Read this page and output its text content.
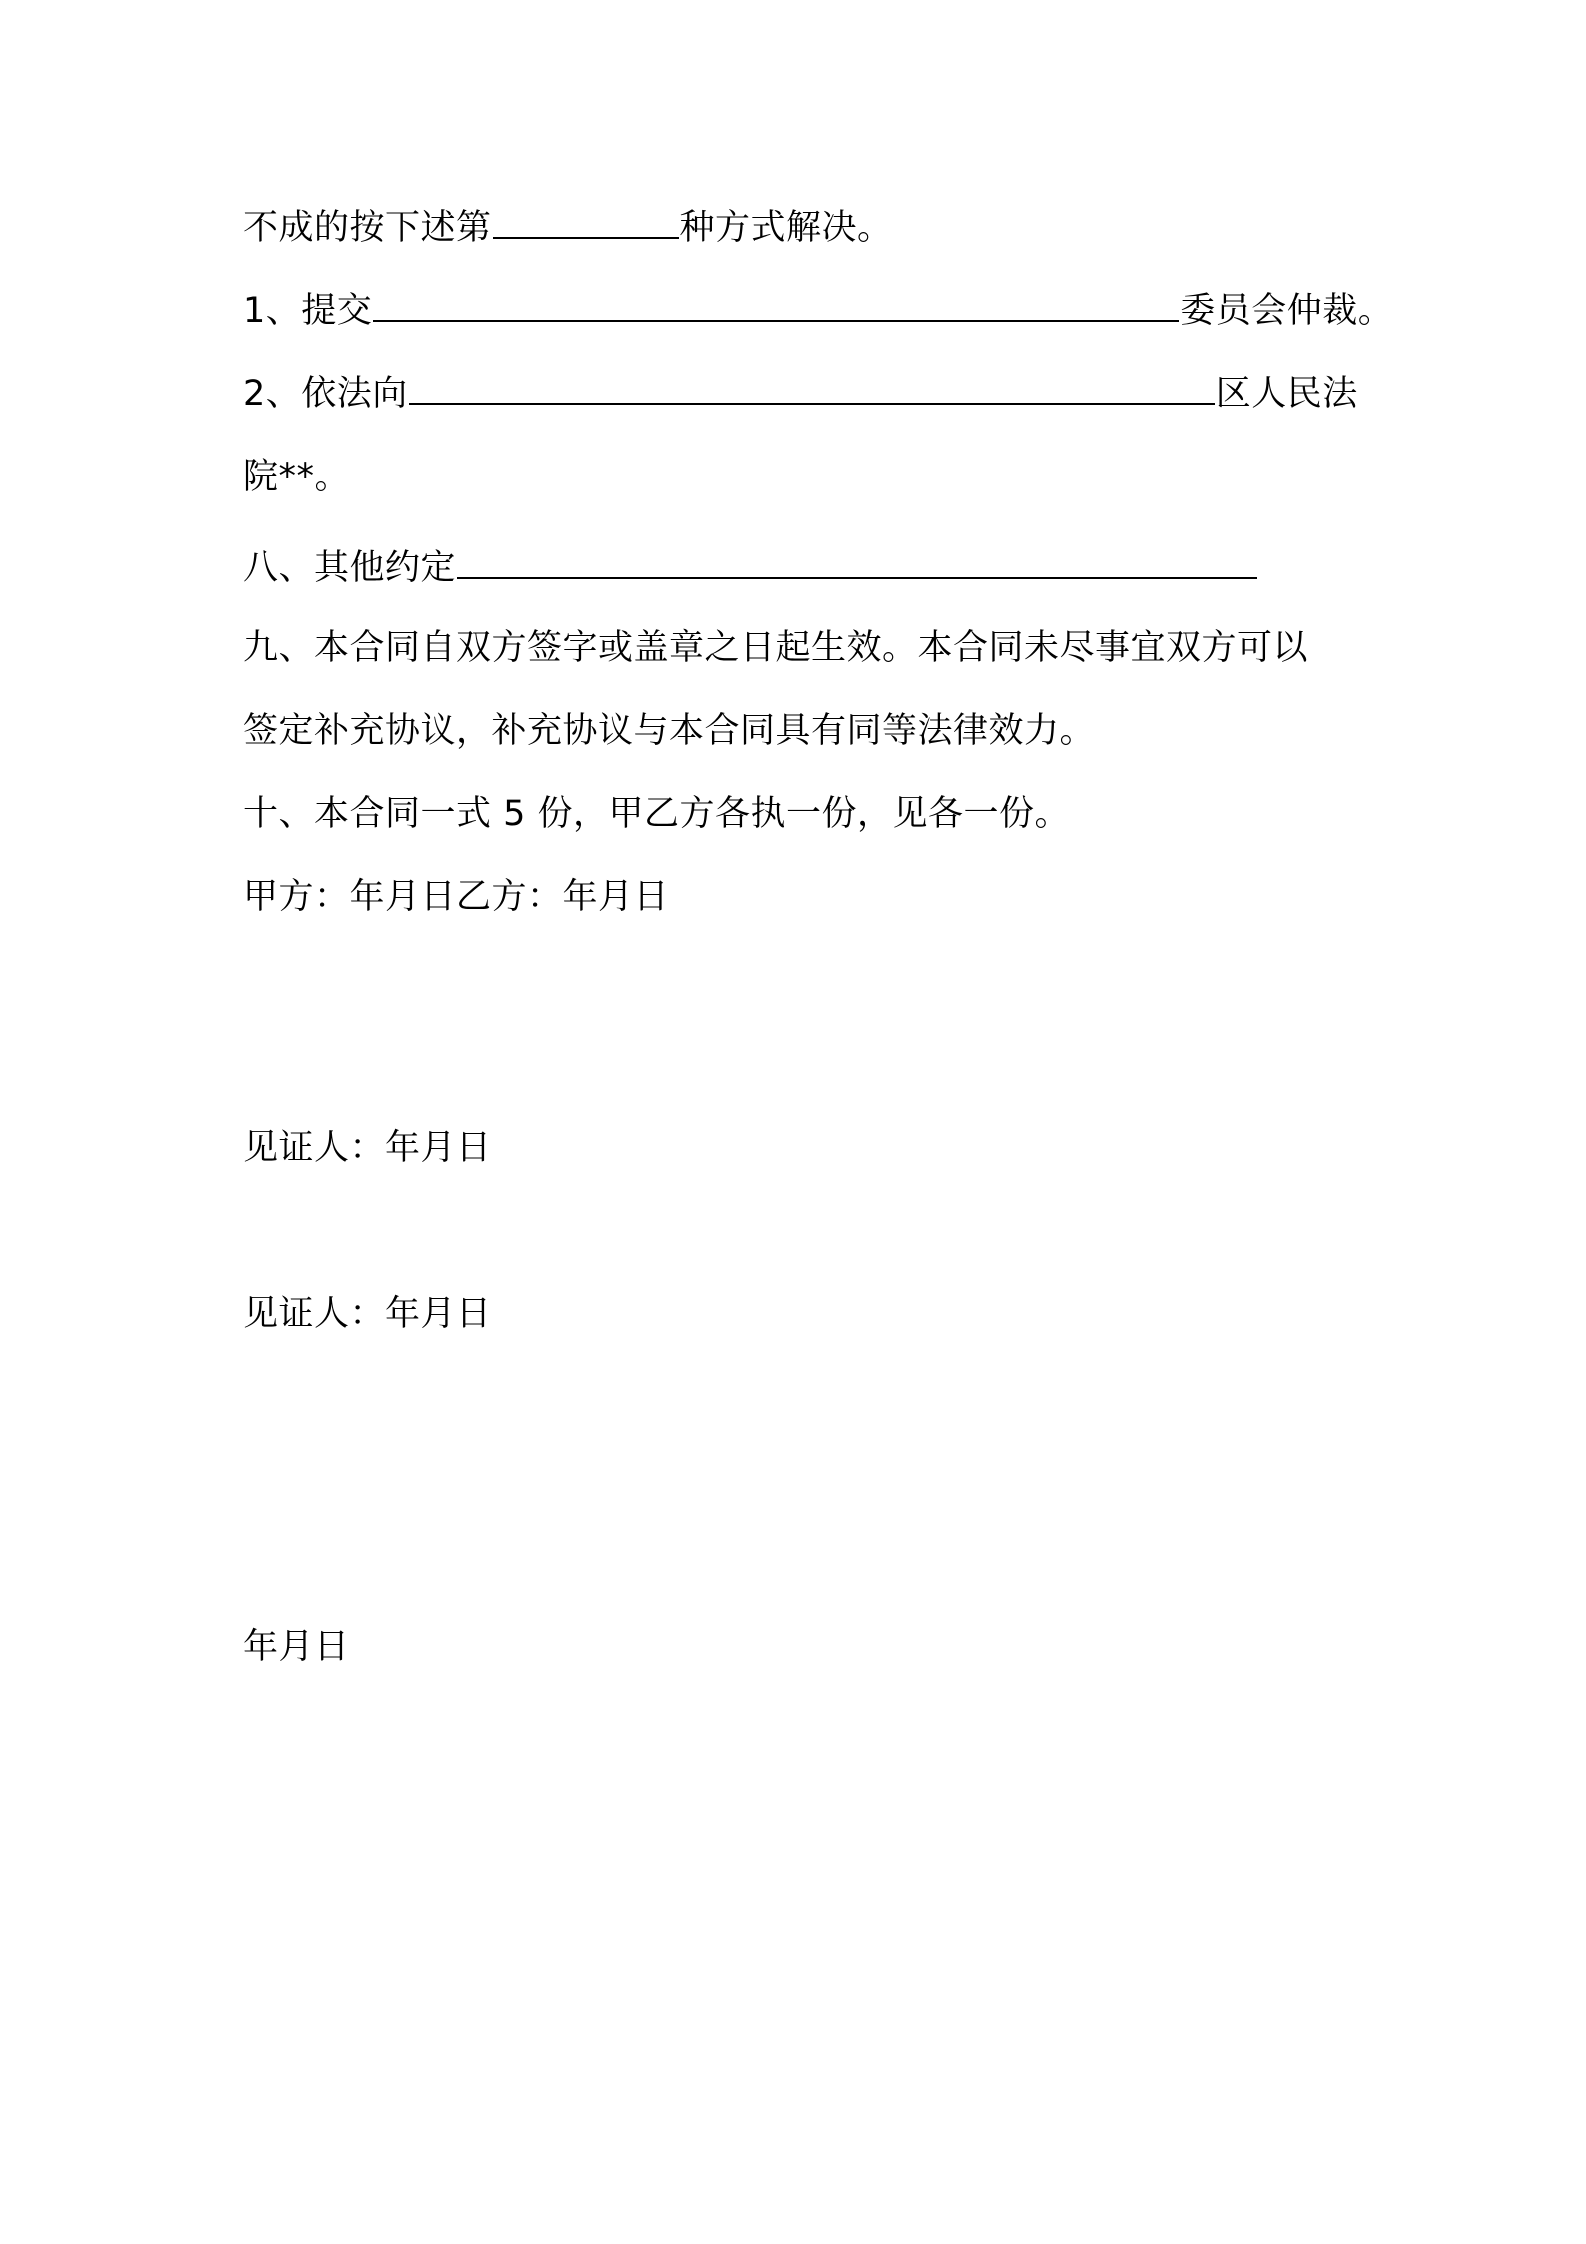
不成的按下述第	种方式解决。
1、提交	委员会仲裁。
2、依法向	区人民法
院**。
八、其他约定
九、本合同自双方签字或盖章之日起生效。本合同未尽事宜双方可以
签定补充协议，补充协议与本合同具有同等法律效力。
十、本合同一式 5 份，甲乙方各执一份，见各一份。
甲方：年月日乙方：年月日
见证人：年月日
见证人：年月日
年月日
